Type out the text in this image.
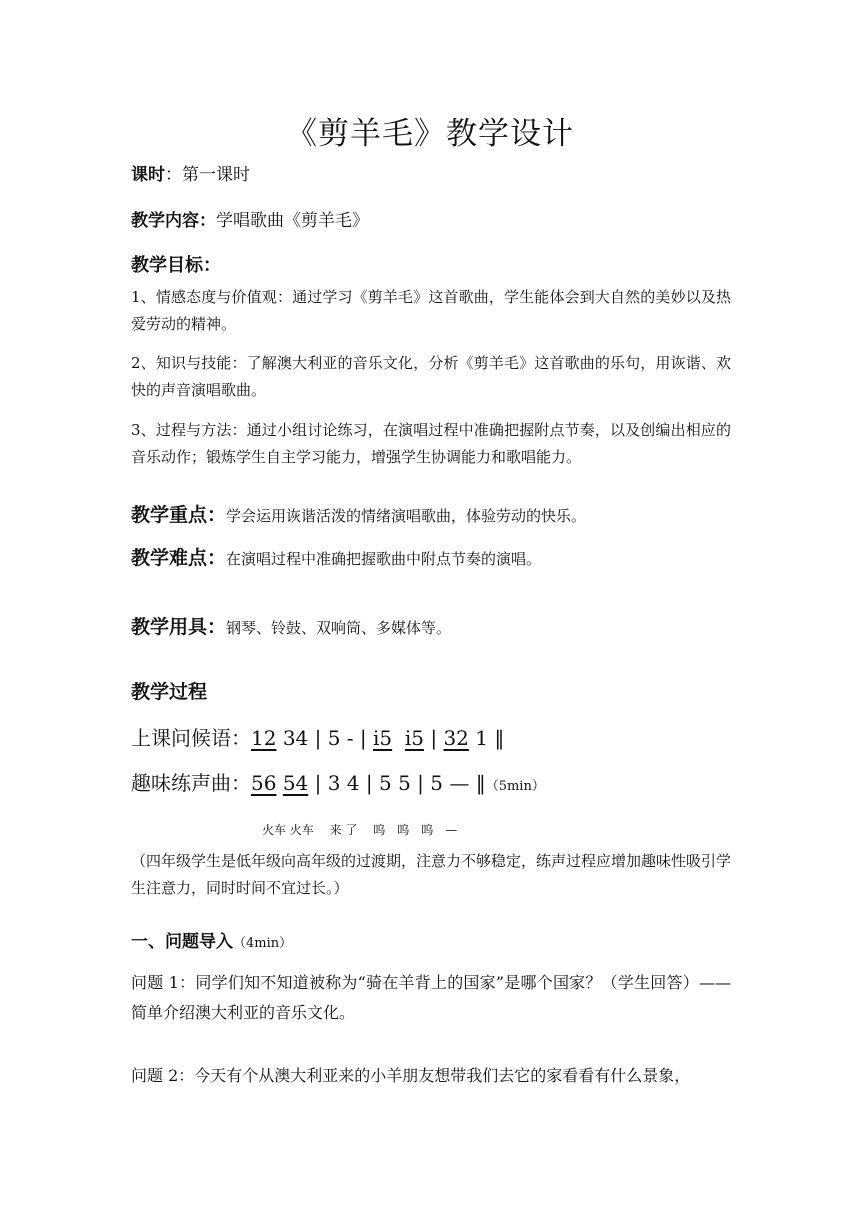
《剪羊毛》教学设计
课时：第一课时
教学内容：学唱歌曲《剪羊毛》
教学目标：
1、情感态度与价值观：通过学习《剪羊毛》这首歌曲，学生能体会到大自然的美妙以及热爱劳动的精神。
2、知识与技能：了解澳大利亚的音乐文化，分析《剪羊毛》这首歌曲的乐句，用诙谐、欢快的声音演唱歌曲。
3、过程与方法：通过小组讨论练习，在演唱过程中准确把握附点节奏，以及创编出相应的音乐动作；锻炼学生自主学习能力，增强学生协调能力和歌唱能力。
教学重点：学会运用诙谐活泼的情绪演唱歌曲，体验劳动的快乐。
教学难点：在演唱过程中准确把握歌曲中附点节奏的演唱。
教学用具：钢琴、铃鼓、双响筒、多媒体等。
教学过程
上课问候语：12 34 | 5 - | i5 i5 | 32 1 ‖
趣味练声曲：56 54 | 3 4 | 5 5 | 5 — ‖（5min）
火车 火车　 来 了　 呜　呜　呜　—
（四年级学生是低年级向高年级的过渡期，注意力不够稳定，练声过程应增加趣味性吸引学生注意力，同时时间不宜过长。）
一、问题导入（4min）
问题 1：同学们知不知道被称为“骑在羊背上的国家”是哪个国家？（学生回答）——简单介绍澳大利亚的音乐文化。
问题 2：今天有个从澳大利亚来的小羊朋友想带我们去它的家看看有什么景象，
